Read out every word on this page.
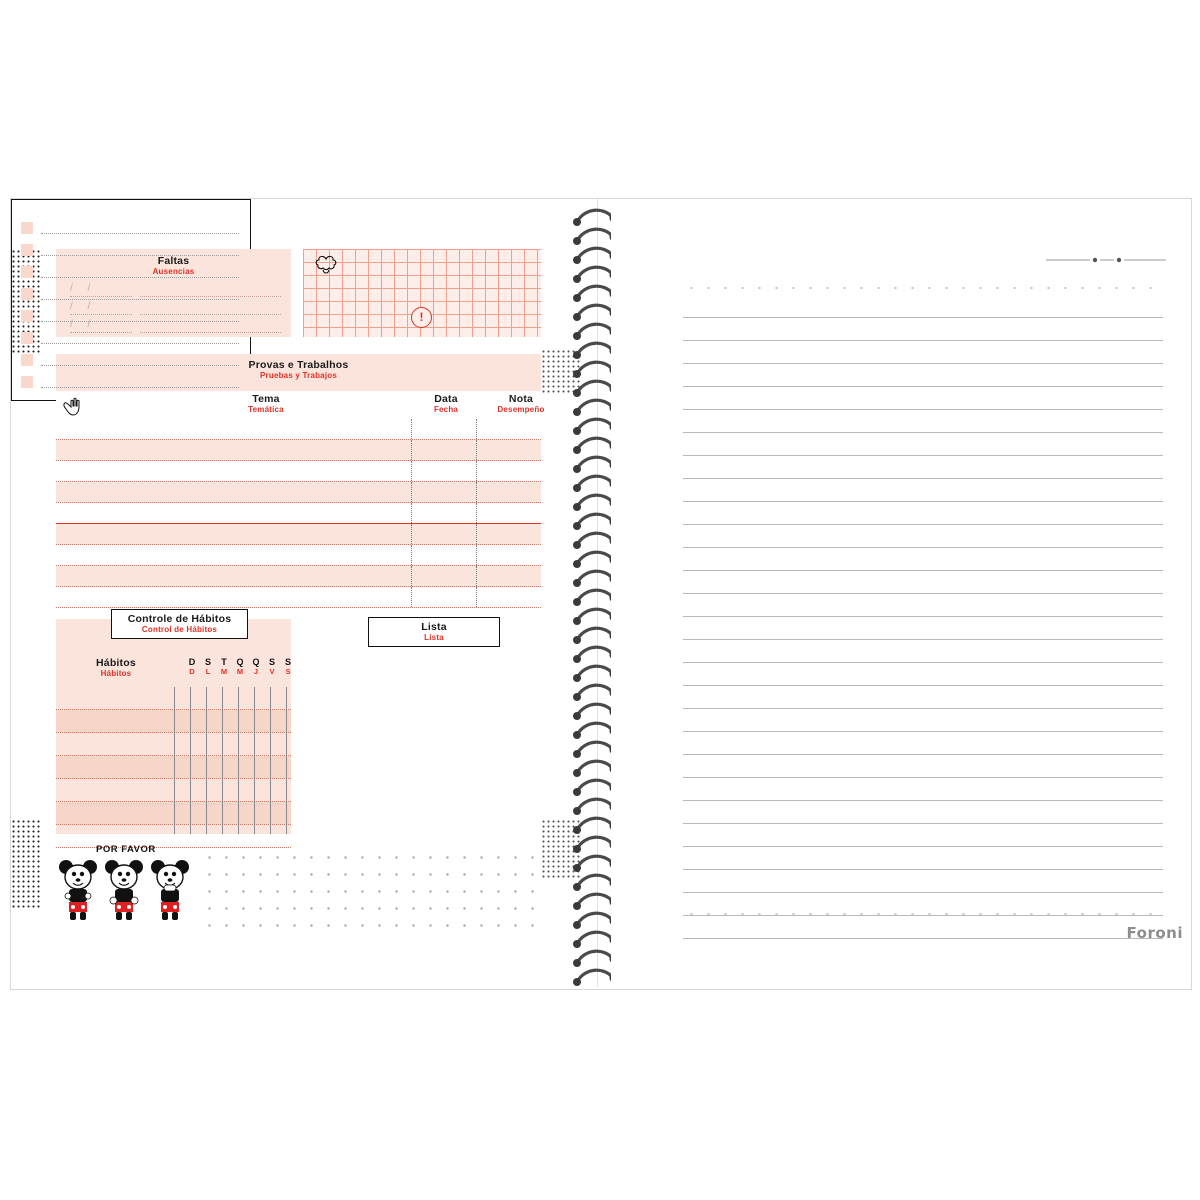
Faltas
Ausencias
/ /
/ /
/ /
!
Provas e Trabalhos
Pruebas y Trabajos
Tema
Temática
Data
Fecha
Nota
Desempeño
Hábitos
Hábitos
D
D
S
L
T
M
Q
M
Q
J
S
V
S
S
Controle de Hábitos
Control de Hábitos	Lista
Lista
POR FAVOR
Foroni
